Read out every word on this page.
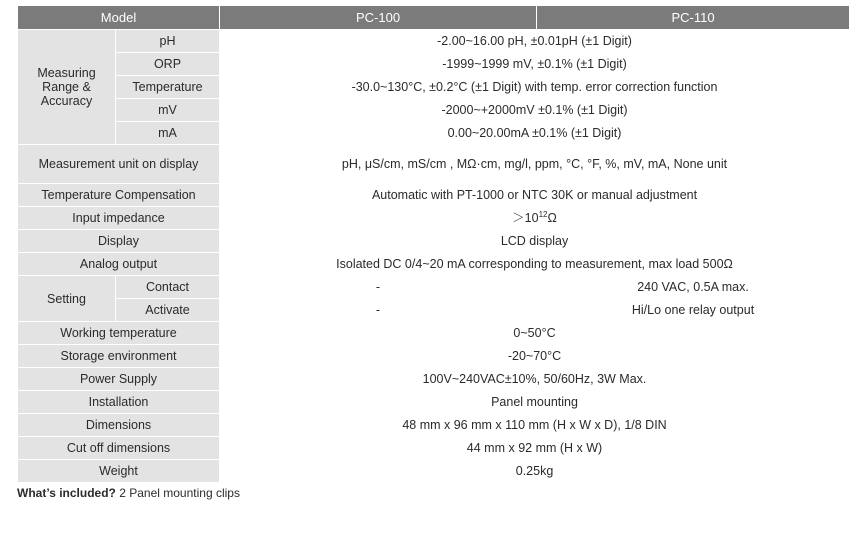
Model		PC-100	PC-110
Measuring Range & Accuracy	pH	-2.00~16.00 pH, ±0.01pH (±1 Digit)	
	ORP	-1999~1999 mV, ±0.1% (±1 Digit)	
	Temperature	-30.0~130°C, ±0.2°C (±1 Digit) with temp. error correction function	
	mV	-2000~+2000mV ±0.1% (±1 Digit)	
	mA	0.00~20.00mA ±0.1% (±1 Digit)	
Measurement unit on display		pH, μS/cm, mS/cm , MΩ·cm, mg/l, ppm, °C, °F, %, mV, mA, None unit	
Temperature Compensation		Automatic with PT-1000 or NTC 30K or manual adjustment	
Input impedance		$>10^{12}\Omega$	
Display		LCD display	
Analog output		Isolated DC 0/4~20 mA corresponding to measurement, max load 500Ω	
Setting	Contact	-	240 VAC, 0.5A max.
	Activate	-	Hi/Lo one relay output
Working temperature		0~50°C	
Storage environment		-20~70°C	
Power Supply		100V~240VAC±10%, 50/60Hz, 3W Max.	
Installation		Panel mounting	
Dimensions		48 mm x 96 mm x 110 mm (H x W x D), 1/8 DIN	
Cut off dimensions		44 mm x 92 mm (H x W)	
Weight		0.25kg	
What’s included? 2 Panel mounting clips
